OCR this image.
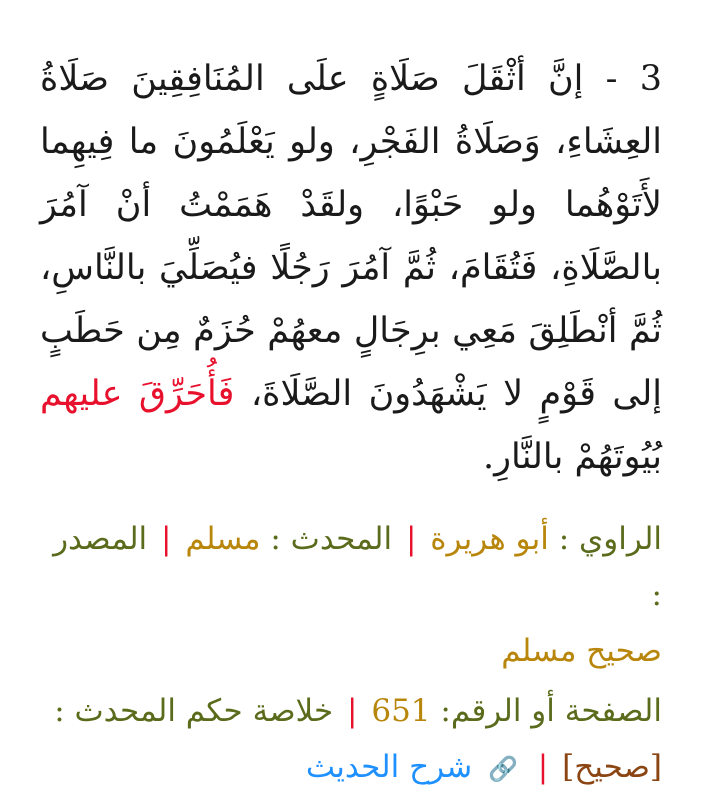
3 - إنَّ أثْقَلَ صَلَاةٍ علَى المُنَافِقِينَ صَلَاةُ العِشَاءِ، وَصَلَاةُ الفَجْرِ، ولو يَعْلَمُونَ ما فِيهِما لأَتَوْهُما ولو حَبْوًا، ولقَدْ هَمَمْتُ أنْ آمُرَ بالصَّلَاةِ، فَتُقَامَ، ثُمَّ آمُرَ رَجُلًا فيُصَلِّيَ بالنَّاسِ، ثُمَّ أنْطَلِقَ مَعِي برِجَالٍ معهُمْ حُزَمٌ مِن حَطَبٍ إلى قَوْمٍ لا يَشْهَدُونَ الصَّلَاةَ، فَأُحَرِّقَ عليهم بُيُوتَهُمْ بالنَّارِ.

الراوي : أبو هريرة | المحدث : مسلم | المصدر :
صحيح مسلم
الصفحة أو الرقم: 651 | خلاصة حكم المحدث :
[صحيح] | 🔗 شرح الحديث
